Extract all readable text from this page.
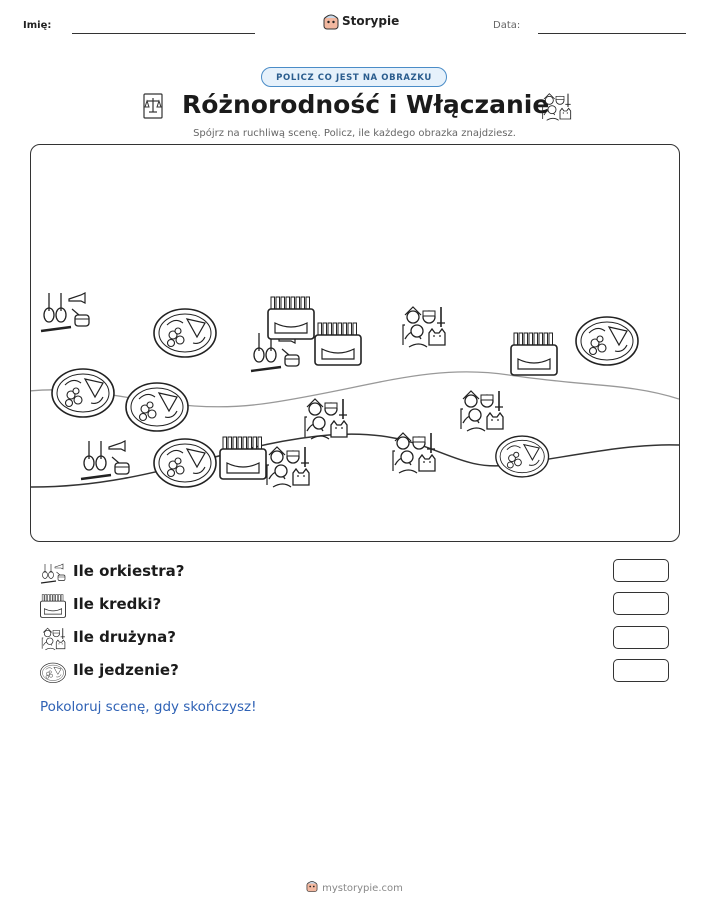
Imię:	Storypie	Data:
POLICZ CO JEST NA OBRAZKU
Różnorodność i Włączanie
Spójrz na ruchliwą scenę. Policz, ile każdego obrazka znajdziesz.
Ile orkiestra?
Ile kredki?
Ile drużyna?
Ile jedzenie?
Pokoloruj scenę, gdy skończysz!
mystorypie.com
